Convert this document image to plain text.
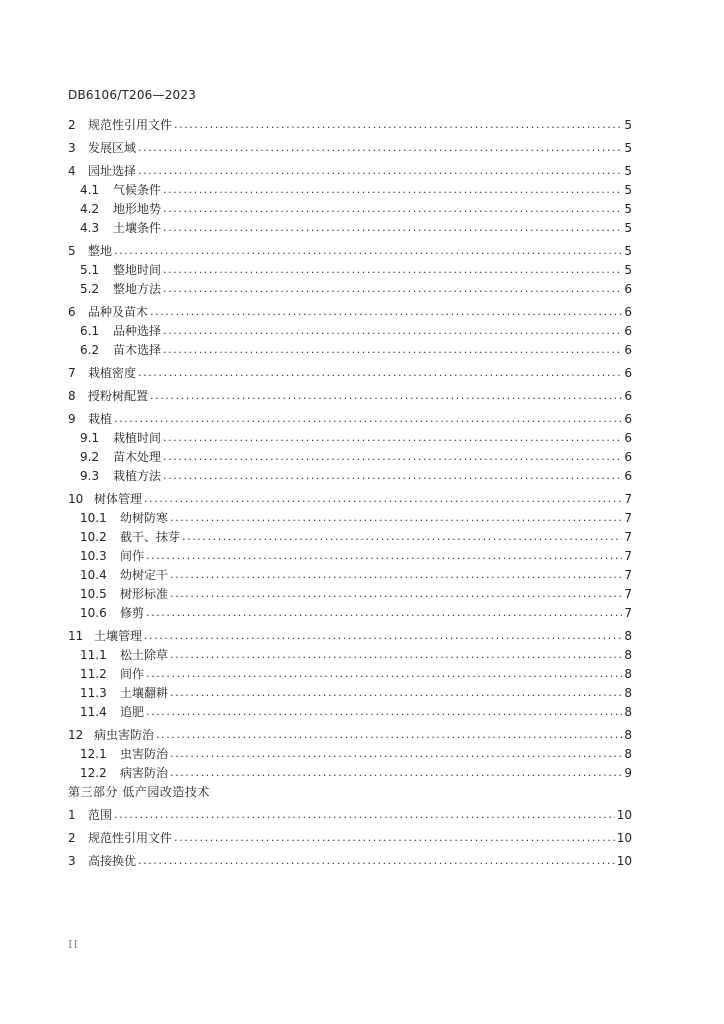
DB6106/T206—2023
2	规范性引用文件 .....	5
3	发展区域 .....	5
4	园址选择 .....	5
4.1	气候条件 .....	5
4.2	地形地势 .....	5
4.3	土壤条件 .....	5
5	整地 .....	5
5.1	整地时间 .....	5
5.2	整地方法 .....	6
6	品种及苗木 .....	6
6.1	品种选择 .....	6
6.2	苗木选择 .....	6
7	栽植密度 .....	6
8	授粉树配置 .....	6
9	栽植 .....	6
9.1	栽植时间 .....	6
9.2	苗木处理 .....	6
9.3	栽植方法 .....	6
10 树体管理 .....	7
10.1	幼树防寒 .....	7
10.2	截干、抹芽 .....	7
10.3	间作 .....	7
10.4	幼树定干 .....	7
10.5	树形标准 .....	7
10.6	修剪 .....	7
11 土壤管理 .....	8
11.1	松土除草 .....	8
11.2	间作 .....	8
11.3	土壤翻耕 .....	8
11.4	追肥 .....	8
12 病虫害防治 .....	8
12.1	虫害防治 .....	8
12.2	病害防治 .....	9
第三部分 低产园改造技术
1	范围 .....	10
2	规范性引用文件 .....	10
3	高接换优 .....	10
II
